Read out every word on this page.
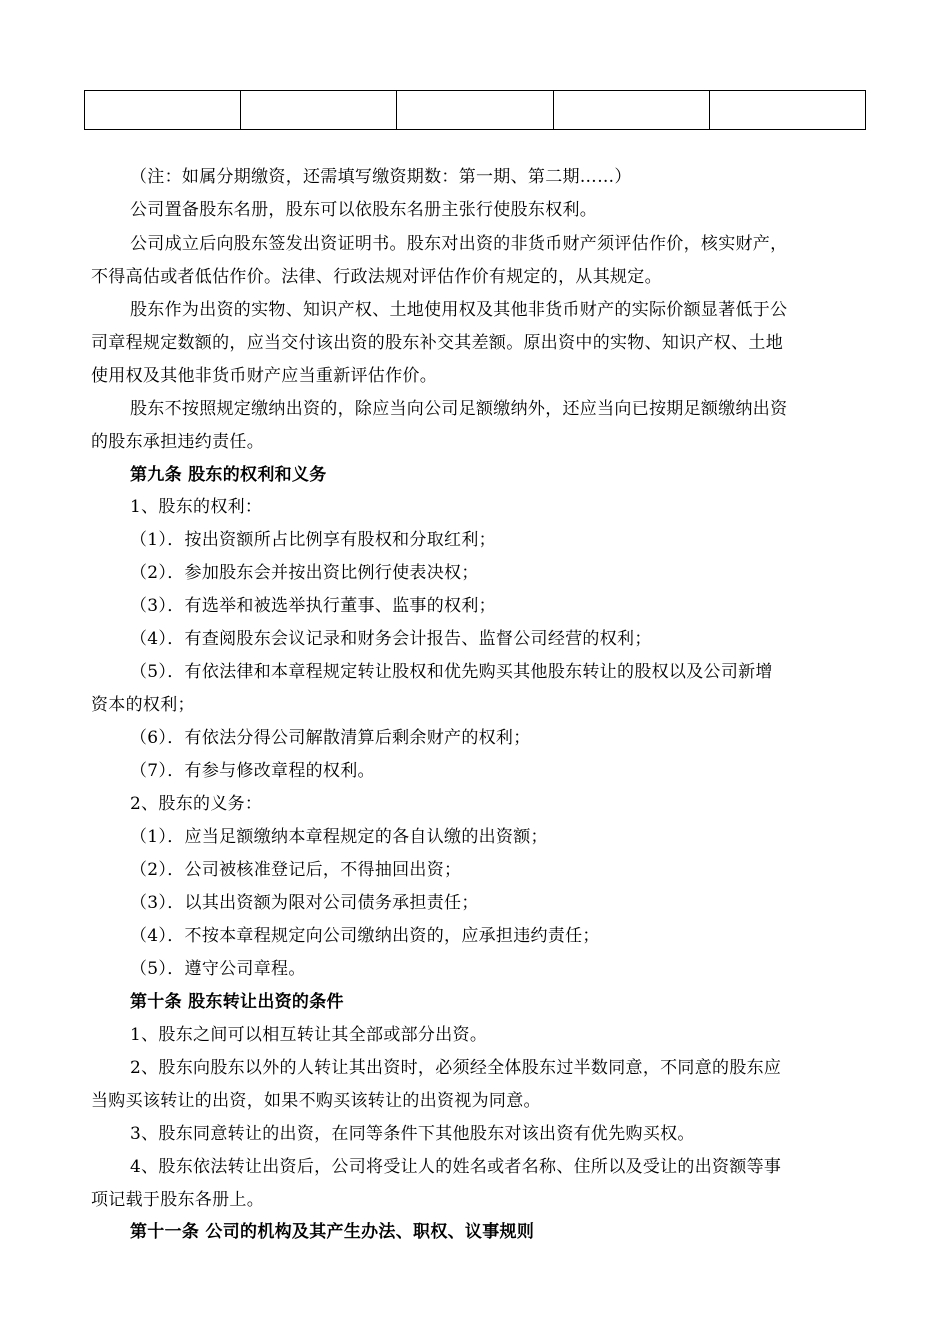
（注：如属分期缴资，还需填写缴资期数：第一期、第二期……）
公司置备股东名册，股东可以依股东名册主张行使股东权利。
公司成立后向股东签发出资证明书。股东对出资的非货币财产须评估作价，核实财产，
不得高估或者低估作价。法律、行政法规对评估作价有规定的，从其规定。
股东作为出资的实物、知识产权、土地使用权及其他非货币财产的实际价额显著低于公
司章程规定数额的，应当交付该出资的股东补交其差额。原出资中的实物、知识产权、土地
使用权及其他非货币财产应当重新评估作价。
股东不按照规定缴纳出资的，除应当向公司足额缴纳外，还应当向已按期足额缴纳出资
的股东承担违约责任。
第九条 股东的权利和义务
1、股东的权利：
（1）．按出资额所占比例享有股权和分取红利；
（2）．参加股东会并按出资比例行使表决权；
（3）．有选举和被选举执行董事、监事的权利；
（4）．有查阅股东会议记录和财务会计报告、监督公司经营的权利；
（5）．有依法律和本章程规定转让股权和优先购买其他股东转让的股权以及公司新增
资本的权利；
（6）．有依法分得公司解散清算后剩余财产的权利；
（7）．有参与修改章程的权利。
2、股东的义务：
（1）．应当足额缴纳本章程规定的各自认缴的出资额；
（2）．公司被核准登记后，不得抽回出资；
（3）．以其出资额为限对公司债务承担责任；
（4）．不按本章程规定向公司缴纳出资的，应承担违约责任；
（5）．遵守公司章程。
第十条 股东转让出资的条件
1、股东之间可以相互转让其全部或部分出资。
2、股东向股东以外的人转让其出资时，必须经全体股东过半数同意，不同意的股东应
当购买该转让的出资，如果不购买该转让的出资视为同意。
3、股东同意转让的出资，在同等条件下其他股东对该出资有优先购买权。
4、股东依法转让出资后，公司将受让人的姓名或者名称、住所以及受让的出资额等事
项记载于股东各册上。
第十一条 公司的机构及其产生办法、职权、议事规则
